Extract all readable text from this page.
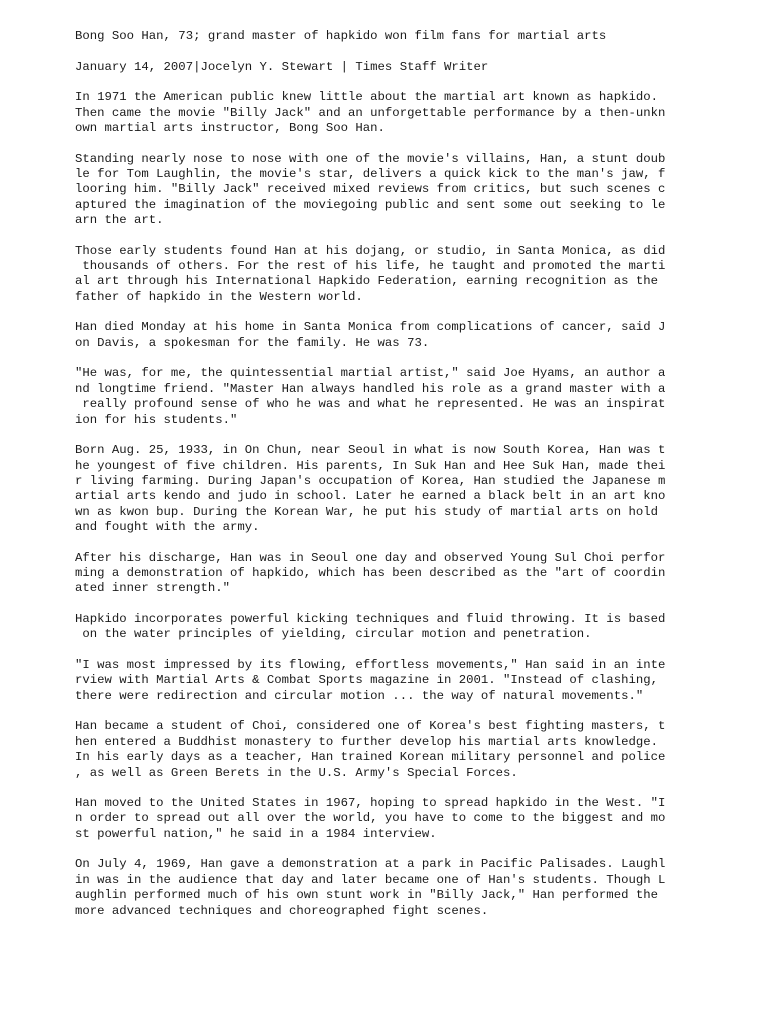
Bong Soo Han, 73; grand master of hapkido won film fans for martial arts
January 14, 2007|Jocelyn Y. Stewart | Times Staff Writer
In 1971 the American public knew little about the martial art known as hapkido.
Then came the movie "Billy Jack" and an unforgettable performance by a then-unkn
own martial arts instructor, Bong Soo Han.
Standing nearly nose to nose with one of the movie's villains, Han, a stunt doub
le for Tom Laughlin, the movie's star, delivers a quick kick to the man's jaw, f
looring him. "Billy Jack" received mixed reviews from critics, but such scenes c
aptured the imagination of the moviegoing public and sent some out seeking to le
arn the art.
Those early students found Han at his dojang, or studio, in Santa Monica, as did
thousands of others. For the rest of his life, he taught and promoted the marti
al art through his International Hapkido Federation, earning recognition as the
father of hapkido in the Western world.
Han died Monday at his home in Santa Monica from complications of cancer, said J
on Davis, a spokesman for the family. He was 73.
"He was, for me, the quintessential martial artist," said Joe Hyams, an author a
nd longtime friend. "Master Han always handled his role as a grand master with a
really profound sense of who he was and what he represented. He was an inspirat
ion for his students."
Born Aug. 25, 1933, in On Chun, near Seoul in what is now South Korea, Han was t
he youngest of five children. His parents, In Suk Han and Hee Suk Han, made thei
r living farming. During Japan's occupation of Korea, Han studied the Japanese m
artial arts kendo and judo in school. Later he earned a black belt in an art kno
wn as kwon bup. During the Korean War, he put his study of martial arts on hold
and fought with the army.
After his discharge, Han was in Seoul one day and observed Young Sul Choi perfor
ming a demonstration of hapkido, which has been described as the "art of coordin
ated inner strength."
Hapkido incorporates powerful kicking techniques and fluid throwing. It is based
on the water principles of yielding, circular motion and penetration.
"I was most impressed by its flowing, effortless movements," Han said in an inte
rview with Martial Arts & Combat Sports magazine in 2001. "Instead of clashing,
there were redirection and circular motion ... the way of natural movements."
Han became a student of Choi, considered one of Korea's best fighting masters, t
hen entered a Buddhist monastery to further develop his martial arts knowledge.
In his early days as a teacher, Han trained Korean military personnel and police
, as well as Green Berets in the U.S. Army's Special Forces.
Han moved to the United States in 1967, hoping to spread hapkido in the West. "I
n order to spread out all over the world, you have to come to the biggest and mo
st powerful nation," he said in a 1984 interview.
On July 4, 1969, Han gave a demonstration at a park in Pacific Palisades. Laughl
in was in the audience that day and later became one of Han's students. Though L
aughlin performed much of his own stunt work in "Billy Jack," Han performed the
more advanced techniques and choreographed fight scenes.
